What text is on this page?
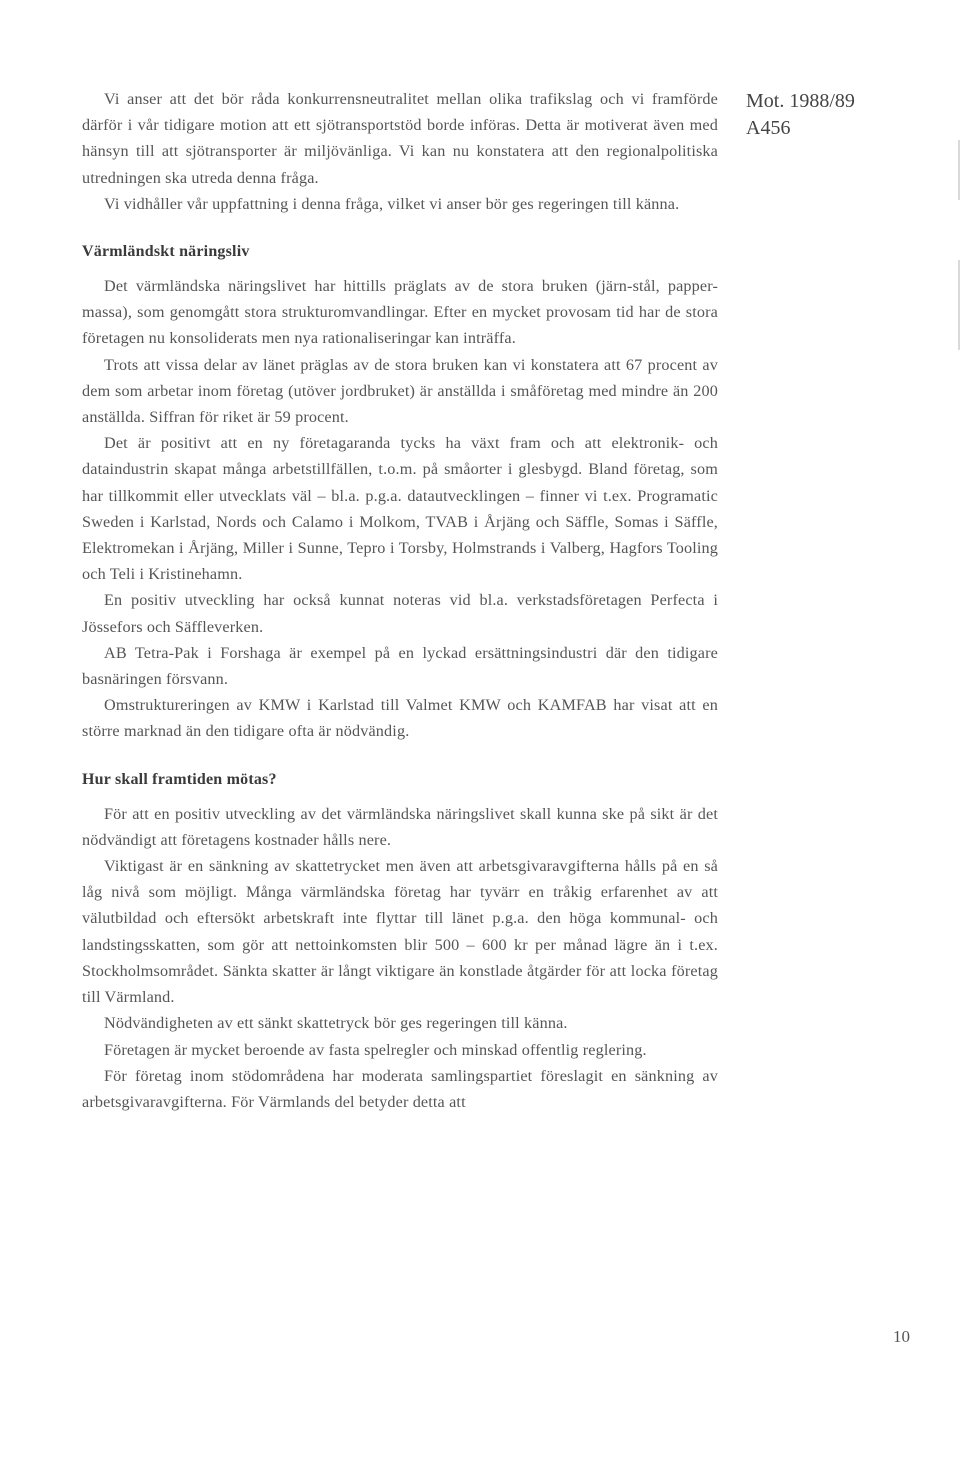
Mot. 1988/89
A456

Vi anser att det bör råda konkurrensneutralitet mellan olika trafikslag och vi framförde därför i vår tidigare motion att ett sjötransportstöd borde införas. Detta är motiverat även med hänsyn till att sjötransporter är miljövänliga. Vi kan nu konstatera att den regionalpolitiska utredningen ska utreda denna fråga.

Vi vidhåller vår uppfattning i denna fråga, vilket vi anser bör ges regeringen till känna.

Värmländskt näringsliv

Det värmländska näringslivet har hittills präglats av de stora bruken (järn-stål, papper-massa), som genomgått stora strukturomvandlingar. Efter en mycket provosam tid har de stora företagen nu konsoliderats men nya rationaliseringar kan inträffa.

Trots att vissa delar av länet präglas av de stora bruken kan vi konstatera att 67 procent av dem som arbetar inom företag (utöver jordbruket) är anställda i småföretag med mindre än 200 anställda. Siffran för riket är 59 procent.

Det är positivt att en ny företagaranda tycks ha växt fram och att elektronik- och dataindustrin skapat många arbetstillfällen, t.o.m. på småorter i glesbygd. Bland företag, som har tillkommit eller utvecklats väl – bl.a. p.g.a. datautvecklingen – finner vi t.ex. Programatic Sweden i Karlstad, Nords och Calamo i Molkom, TVAB i Årjäng och Säffle, Somas i Säffle, Elektromekan i Årjäng, Miller i Sunne, Tepro i Torsby, Holmstrands i Valberg, Hagfors Tooling och Teli i Kristinehamn.

En positiv utveckling har också kunnat noteras vid bl.a. verkstadsföretagen Perfecta i Jössefors och Säffleverken.

AB Tetra-Pak i Forshaga är exempel på en lyckad ersättningsindustri där den tidigare basnäringen försvann.

Omstruktureringen av KMW i Karlstad till Valmet KMW och KAMFAB har visat att en större marknad än den tidigare ofta är nödvändig.

Hur skall framtiden mötas?

För att en positiv utveckling av det värmländska näringslivet skall kunna ske på sikt är det nödvändigt att företagens kostnader hålls nere.

Viktigast är en sänkning av skattetrycket men även att arbetsgivaravgifterna hålls på en så låg nivå som möjligt. Många värmländska företag har tyvärr en tråkig erfarenhet av att välutbildad och eftersökt arbetskraft inte flyttar till länet p.g.a. den höga kommunal- och landstingsskatten, som gör att nettoinkomsten blir 500 – 600 kr per månad lägre än i t.ex. Stockholmsområdet. Sänkta skatter är långt viktigare än konstlade åtgärder för att locka företag till Värmland.

Nödvändigheten av ett sänkt skattetryck bör ges regeringen till känna.

Företagen är mycket beroende av fasta spelregler och minskad offentlig reglering.

För företag inom stödområdena har moderata samlingspartiet föreslagit en sänkning av arbetsgivaravgifterna. För Värmlands del betyder detta att

10
